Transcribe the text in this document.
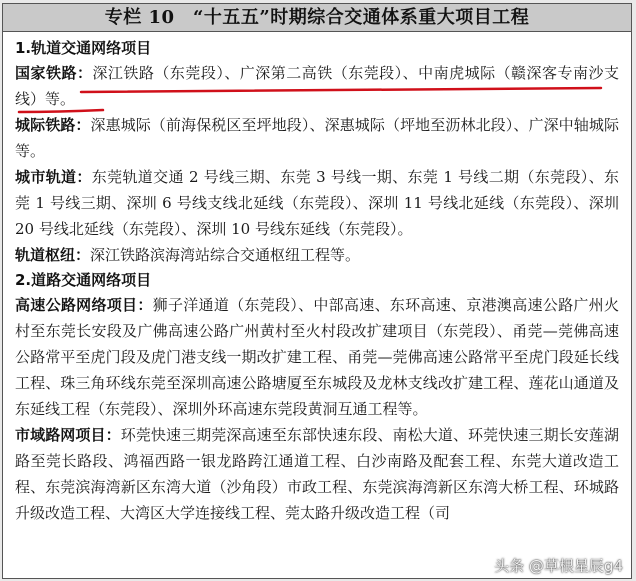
专栏 10　“十五五”时期综合交通体系重大项目工程
1.轨道交通网络项目

国家铁路：深江铁路（东莞段）、广深第二高铁（东莞段）、中南虎城际（赣深客专南沙支线）等。

城际铁路：深惠城际（前海保税区至坪地段）、深惠城际（坪地至沥林北段）、广深中轴城际等。

城市轨道：东莞轨道交通 2 号线三期、东莞 3 号线一期、东莞 1 号线二期（东莞段）、东莞 1 号线三期、深圳 6 号线支线北延线（东莞段）、深圳 11 号线北延线（东莞段）、深圳 20 号线北延线（东莞段）、深圳 10 号线东延线（东莞段）。

轨道枢纽：深江铁路滨海湾站综合交通枢纽工程等。

2.道路交通网络项目

高速公路网络项目：狮子洋通道（东莞段）、中部高速、东环高速、京港澳高速公路广州火村至东莞长安段及广佛高速公路广州黄村至火村段改扩建项目（东莞段）、甬莞—莞佛高速公路常平至虎门段及虎门港支线一期改扩建工程、甬莞—莞佛高速公路常平至虎门段延长线工程、珠三角环线东莞至深圳高速公路塘厦至东城段及龙林支线改扩建工程、莲花山通道及东延线工程（东莞段）、深圳外环高速东莞段黄洞互通工程等。

市域路网项目：环莞快速三期莞深高速至东部快速东段、南松大道、环莞快速三期长安莲湖路至莞长路段、鸿福西路一银龙路跨江通道工程、白沙南路及配套工程、东莞大道改造工程、东莞滨海湾新区东湾大道（沙角段）市政工程、东莞滨海湾新区东湾大桥工程、环城路升级改造工程、大湾区大学连接线工程、莞太路升级改造工程（司

头条 @草根星辰g4
